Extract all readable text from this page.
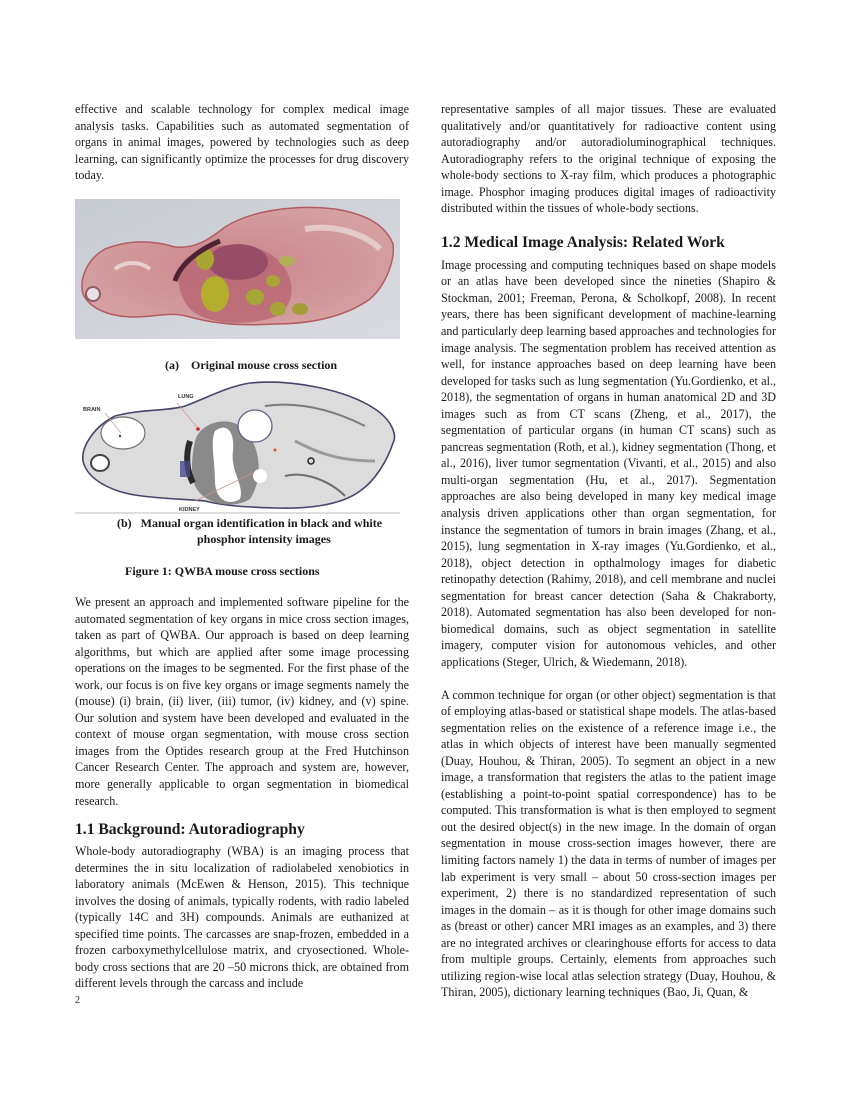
effective and scalable technology for complex medical image analysis tasks. Capabilities such as automated segmentation of organs in animal images, powered by technologies such as deep learning, can significantly optimize the processes for drug discovery today.

(a) Original mouse cross section
BRAIN
LUNG
KIDNEY
(b) Manual organ identification in black and white
phosphor intensity images
Figure 1: QWBA mouse cross sections

We present an approach and implemented software pipeline for the automated segmentation of key organs in mice cross section images, taken as part of QWBA. Our approach is based on deep learning algorithms, but which are applied after some image processing operations on the images to be segmented. For the first phase of the work, our focus is on five key organs or image segments namely the (mouse) (i) brain, (ii) liver, (iii) tumor, (iv) kidney, and (v) spine. Our solution and system have been developed and evaluated in the context of mouse organ segmentation, with mouse cross section images from the Optides research group at the Fred Hutchinson Cancer Research Center. The approach and system are, however, more generally applicable to organ segmentation in biomedical research.

1.1 Background: Autoradiography

Whole-body autoradiography (WBA) is an imaging process that determines the in situ localization of radiolabeled xenobiotics in laboratory animals (McEwen & Henson, 2015). This technique involves the dosing of animals, typically rodents, with radio labeled (typically 14C and 3H) compounds. Animals are euthanized at specified time points. The carcasses are snap-frozen, embedded in a frozen carboxymethylcellulose matrix, and cryosectioned. Whole-body cross sections that are 20 –50 microns thick, are obtained from different levels through the carcass and include

representative samples of all major tissues. These are evaluated qualitatively and/or quantitatively for radioactive content using autoradiography and/or autoradioluminographical techniques. Autoradiography refers to the original technique of exposing the whole-body sections to X-ray film, which produces a photographic image. Phosphor imaging produces digital images of radioactivity distributed within the tissues of whole-body sections.

1.2 Medical Image Analysis: Related Work

Image processing and computing techniques based on shape models or an atlas have been developed since the nineties (Shapiro & Stockman, 2001; Freeman, Perona, & Scholkopf, 2008). In recent years, there has been significant development of machine-learning and particularly deep learning based approaches and technologies for image analysis. The segmentation problem has received attention as well, for instance approaches based on deep learning have been developed for tasks such as lung segmentation (Yu.Gordienko, et al., 2018), the segmentation of organs in human anatomical 2D and 3D images such as from CT scans (Zheng, et al., 2017), the segmentation of particular organs (in human CT scans) such as pancreas segmentation (Roth, et al.), kidney segmentation (Thong, et al., 2016), liver tumor segmentation (Vivanti, et al., 2015) and also multi-organ segmentation (Hu, et al., 2017). Segmentation approaches are also being developed in many key medical image analysis driven applications other than organ segmentation, for instance the segmentation of tumors in brain images (Zhang, et al., 2015), lung segmentation in X-ray images (Yu.Gordienko, et al., 2018), object detection in opthalmology images for diabetic retinopathy detection (Rahimy, 2018), and cell membrane and nuclei segmentation for breast cancer detection (Saha & Chakraborty, 2018). Automated segmentation has also been developed for non-biomedical domains, such as object segmentation in satellite imagery, computer vision for autonomous vehicles, and other applications (Steger, Ulrich, & Wiedemann, 2018).

A common technique for organ (or other object) segmentation is that of employing atlas-based or statistical shape models. The atlas-based segmentation relies on the existence of a reference image i.e., the atlas in which objects of interest have been manually segmented (Duay, Houhou, & Thiran, 2005). To segment an object in a new image, a transformation that registers the atlas to the patient image (establishing a point-to-point spatial correspondence) has to be computed. This transformation is what is then employed to segment out the desired object(s) in the new image. In the domain of organ segmentation in mouse cross-section images however, there are limiting factors namely 1) the data in terms of number of images per lab experiment is very small – about 50 cross-section images per experiment, 2) there is no standardized representation of such images in the domain – as it is though for other image domains such as (breast or other) cancer MRI images as an examples, and 3) there are no integrated archives or clearinghouse efforts for access to data from multiple groups. Certainly, elements from approaches such utilizing region-wise local atlas selection strategy (Duay, Houhou, & Thiran, 2005), dictionary learning techniques (Bao, Ji, Quan, &

2
